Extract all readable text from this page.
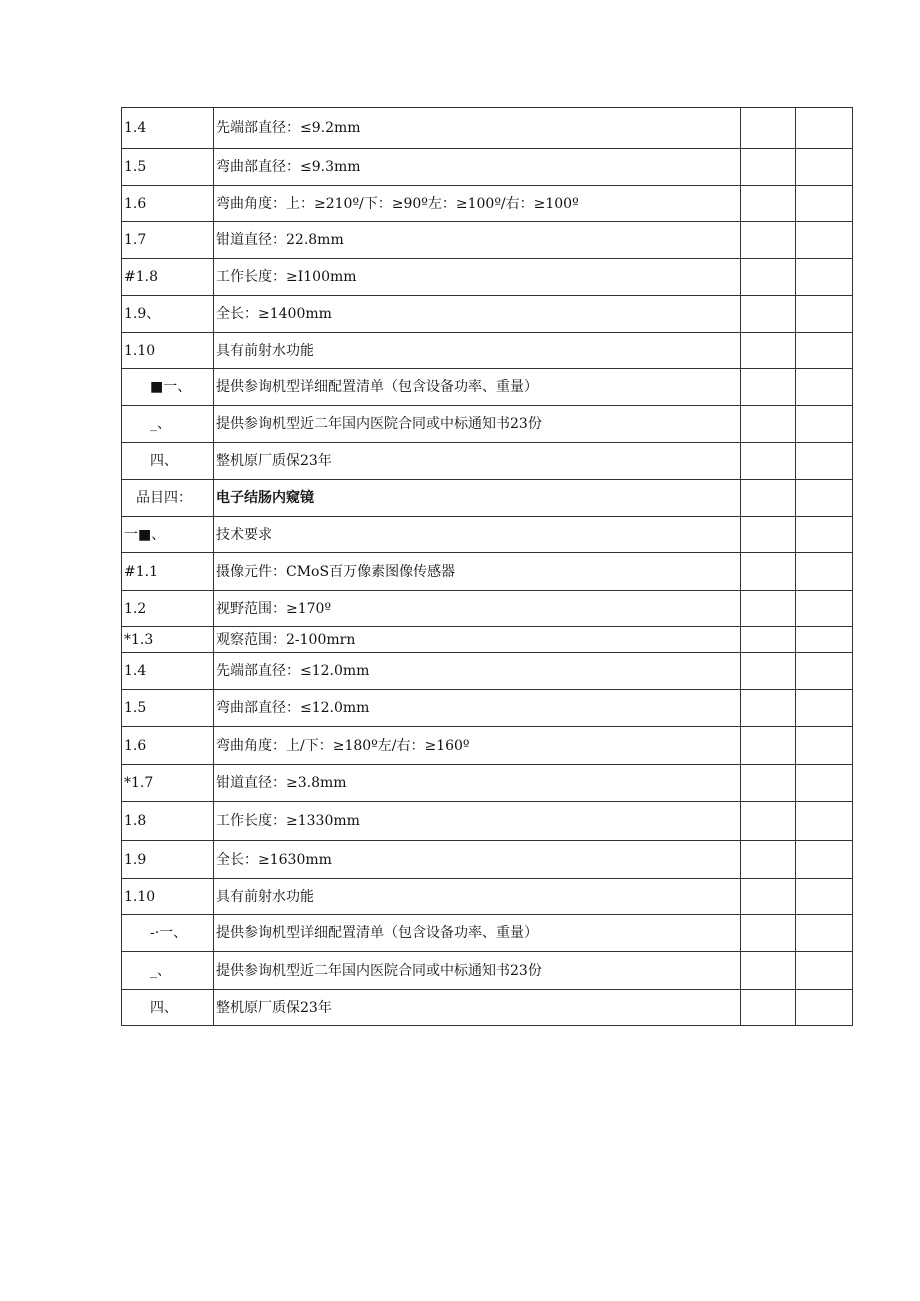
1.4	先端部直径：≤9.2mm		
1.5	弯曲部直径：≤9.3mm		
1.6	弯曲角度：上：≥210º/下：≥90º左：≥100º/右：≥100º		
1.7	钳道直径：22.8mm		
#1.8	工作长度：≥I100mm		
1.9、	全长：≥1400mm		
1.10	具有前射水功能		
■一、	提供参询机型详细配置清单（包含设备功率、重量）		
_、	提供参询机型近二年国内医院合同或中标通知书23份		
四、	整机原厂质保23年		
品目四：	电子结肠内窥镜		
一■、	技术要求		
#1.1	摄像元件：CMoS百万像素图像传感器		
1.2	视野范围：≥170º		
*1.3	观察范围：2-100mrn		
1.4	先端部直径：≤12.0mm		
1.5	弯曲部直径：≤12.0mm		
1.6	弯曲角度：上/下：≥180º左/右：≥160º		
*1.7	钳道直径：≥3.8mm		
1.8	工作长度：≥1330mm		
1.9	全长：≥1630mm		
1.10	具有前射水功能		
-·一、	提供参询机型详细配置清单（包含设备功率、重量）		
_、	提供参询机型近二年国内医院合同或中标通知书23份		
四、	整机原厂质保23年		
